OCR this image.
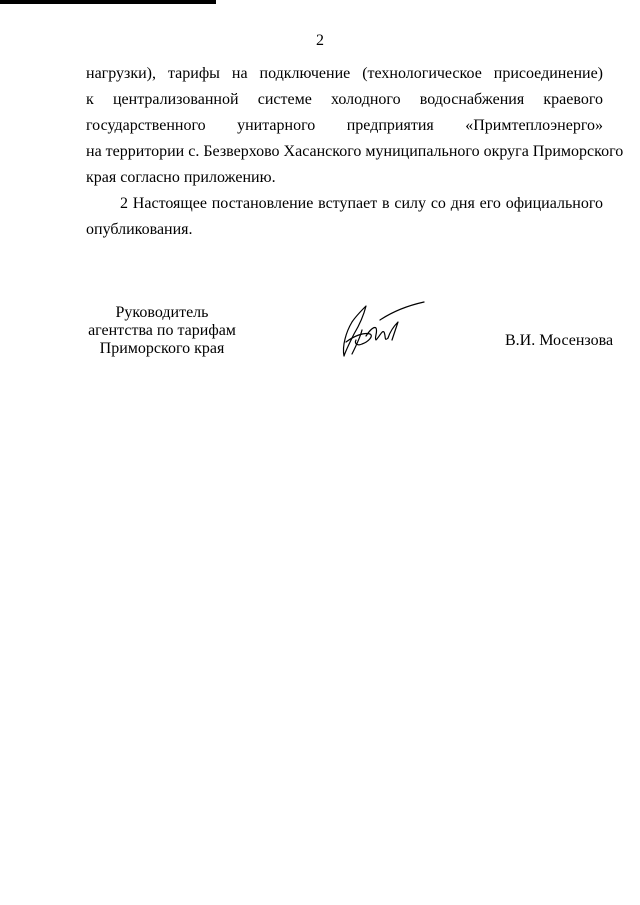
2
нагрузки), тарифы на подключение (технологическое присоединение)
к централизованной системе холодного водоснабжения краевого
государственного унитарного предприятия «Примтеплоэнерго»
на территории с. Безверхово Хасанского муниципального округа Приморского
края согласно приложению.
2 Настоящее постановление вступает в силу со дня его официального
опубликования.
Руководитель
агентства по тарифам
Приморского края	В.И. Мосензова
